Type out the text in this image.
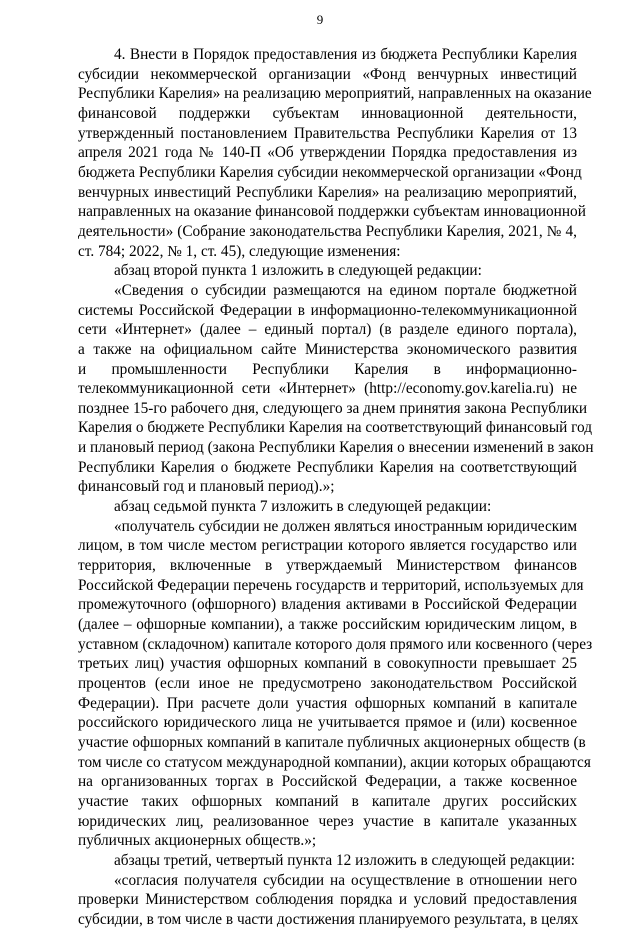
9
4. Внести в Порядок предоставления из бюджета Республики Карелия
субсидии некоммерческой организации «Фонд венчурных инвестиций
Республики Карелия» на реализацию мероприятий, направленных на оказание
финансовой поддержки субъектам инновационной деятельности,
утвержденный постановлением Правительства Республики Карелия от 13
апреля 2021 года № 140-П «Об утверждении Порядка предоставления из
бюджета Республики Карелия субсидии некоммерческой организации «Фонд
венчурных инвестиций Республики Карелия» на реализацию мероприятий,
направленных на оказание финансовой поддержки субъектам инновационной
деятельности» (Собрание законодательства Республики Карелия, 2021, № 4,
ст. 784; 2022, № 1, ст. 45), следующие изменения:
абзац второй пункта 1 изложить в следующей редакции:
«Сведения о субсидии размещаются на едином портале бюджетной
системы Российской Федерации в информационно-телекоммуникационной
сети «Интернет» (далее – единый портал) (в разделе единого портала),
а также на официальном сайте Министерства экономического развития
и промышленности Республики Карелия в информационно-
телекоммуникационной сети «Интернет» (http://economy.gov.karelia.ru) не
позднее 15-го рабочего дня, следующего за днем принятия закона Республики
Карелия о бюджете Республики Карелия на соответствующий финансовый год
и плановый период (закона Республики Карелия о внесении изменений в закон
Республики Карелия о бюджете Республики Карелия на соответствующий
финансовый год и плановый период).»;
абзац седьмой пункта 7 изложить в следующей редакции:
«получатель субсидии не должен являться иностранным юридическим
лицом, в том числе местом регистрации которого является государство или
территория, включенные в утверждаемый Министерством финансов
Российской Федерации перечень государств и территорий, используемых для
промежуточного (офшорного) владения активами в Российской Федерации
(далее – офшорные компании), а также российским юридическим лицом, в
уставном (складочном) капитале которого доля прямого или косвенного (через
третьих лиц) участия офшорных компаний в совокупности превышает 25
процентов (если иное не предусмотрено законодательством Российской
Федерации). При расчете доли участия офшорных компаний в капитале
российского юридического лица не учитывается прямое и (или) косвенное
участие офшорных компаний в капитале публичных акционерных обществ (в
том числе со статусом международной компании), акции которых обращаются
на организованных торгах в Российской Федерации, а также косвенное
участие таких офшорных компаний в капитале других российских
юридических лиц, реализованное через участие в капитале указанных
публичных акционерных обществ.»;
абзацы третий, четвертый пункта 12 изложить в следующей редакции:
«согласия получателя субсидии на осуществление в отношении него
проверки Министерством соблюдения порядка и условий предоставления
субсидии, в том числе в части достижения планируемого результата, в целях
